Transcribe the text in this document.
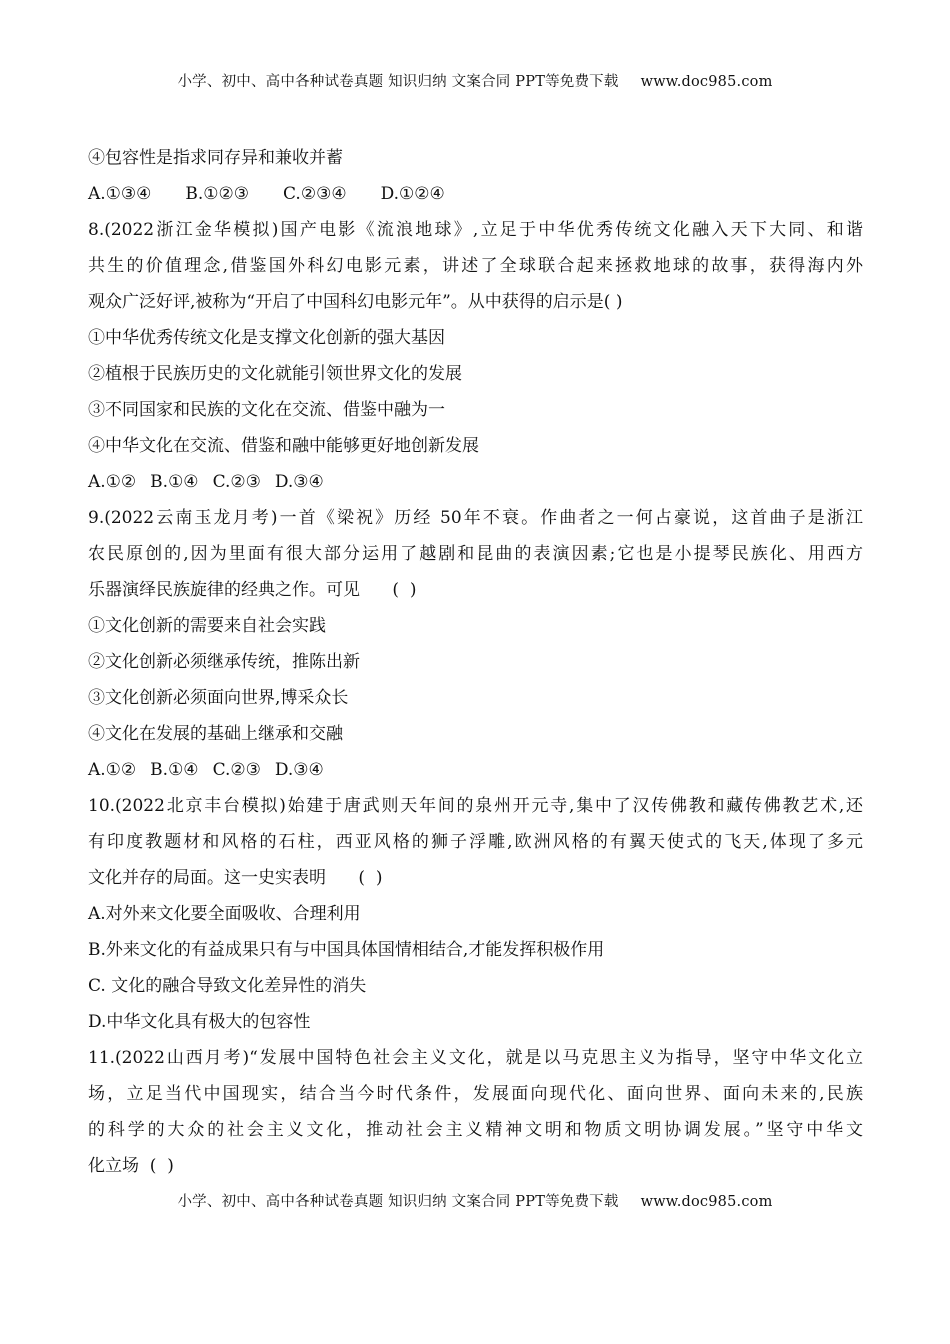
小学、初中、高中各种试卷真题 知识归纳 文案合同 PPT等免费下载 www.doc985.com
④包容性是指求同存异和兼收并蓄
A.①③④ B.①②③ C.②③④ D.①②④
8.(2022浙江金华模拟)国产电影《流浪地球》,立足于中华优秀传统文化融入天下大同、和谐
共生的价值理念,借鉴国外科幻电影元素，讲述了全球联合起来拯救地球的故事，获得海内外
观众广泛好评,被称为“开启了中国科幻电影元年”。从中获得的启示是( )
①中华优秀传统文化是支撑文化创新的强大基因
②植根于民族历史的文化就能引领世界文化的发展
③不同国家和民族的文化在交流、借鉴中融为一
④中华文化在交流、借鉴和融中能够更好地创新发展
A.①② B.①④ C.②③ D.③④
9.(2022云南玉龙月考)一首《梁祝》历经 50年不衰。作曲者之一何占豪说，这首曲子是浙江
农民原创的,因为里面有很大部分运用了越剧和昆曲的表演因素;它也是小提琴民族化、用西方
乐器演绎民族旋律的经典之作。可见      (  )
①文化创新的需要来自社会实践
②文化创新必须继承传统，推陈出新
③文化创新必须面向世界,博采众长
④文化在发展的基础上继承和交融
A.①② B.①④ C.②③ D.③④
10.(2022北京丰台模拟)始建于唐武则天年间的泉州开元寺,集中了汉传佛教和藏传佛教艺术,还
有印度教题材和风格的石柱，西亚风格的狮子浮雕,欧洲风格的有翼天使式的飞天,体现了多元
文化并存的局面。这一史实表明      (  )
A.对外来文化要全面吸收、合理利用
B.外来文化的有益成果只有与中国具体国情相结合,才能发挥积极作用
C. 文化的融合导致文化差异性的消失
D.中华文化具有极大的包容性
11.(2022山西月考)“发展中国特色社会主义文化，就是以马克思主义为指导，坚守中华文化立
场，立足当代中国现实，结合当今时代条件，发展面向现代化、面向世界、面向未来的,民族
的科学的大众的社会主义文化，推动社会主义精神文明和物质文明协调发展。”坚守中华文
化立场  (  )
小学、初中、高中各种试卷真题 知识归纳 文案合同 PPT等免费下载 www.doc985.com
